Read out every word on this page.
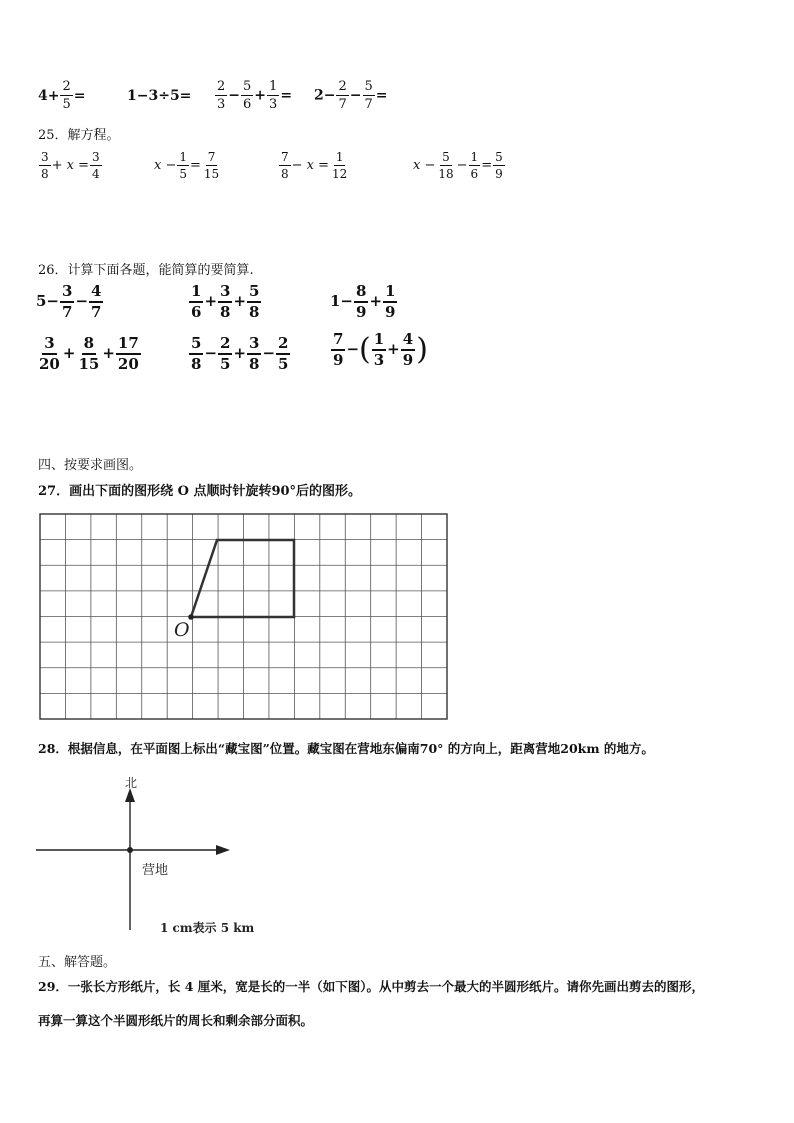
$4+ \frac{2}{5}$ =	$1-3\div 5= \frac{2}{3} - \frac{5}{6} + \frac{1}{3} = 2- \frac{2}{7} - \frac{5}{7}$ =
25．解方程。
$\frac{3}{8} + x = \frac{3}{4}$	$x - \frac{1}{5} = \frac{7}{15}$	$\frac{7}{8} - x = \frac{1}{12}$	$x - \frac{5}{18} - \frac{1}{6} = \frac{5}{9}$
26．计算下面各题，能简算的要简算.
$5- \frac{3}{7} - \frac{4}{7}$	$\frac{1}{6} + \frac{3}{8} + \frac{5}{8}$	$1- \frac{8}{9} + \frac{1}{9}$
$\frac{3}{20} + \frac{8}{15} + \frac{17}{20}$	$\frac{5}{8} - \frac{2}{5} + \frac{3}{8} - \frac{2}{5}$	$\frac{7}{9}$ −( $\frac{1}{3} + \frac{4}{9}$ )
四、按要求画图。
27．画出下面的图形绕 O 点顺时针旋转90°后的图形。
O
28．根据信息，在平面图上标出“藏宝图”位置。藏宝图在营地东偏南70° 的方向上，距离营地20km 的地方。
北
营地
1 cm表示 5 km
五、解答题。
29．一张长方形纸片，长 4 厘米，宽是长的一半（如下图）。从中剪去一个最大的半圆形纸片。请你先画出剪去的图形，
再算一算这个半圆形纸片的周长和剩余部分面积。
